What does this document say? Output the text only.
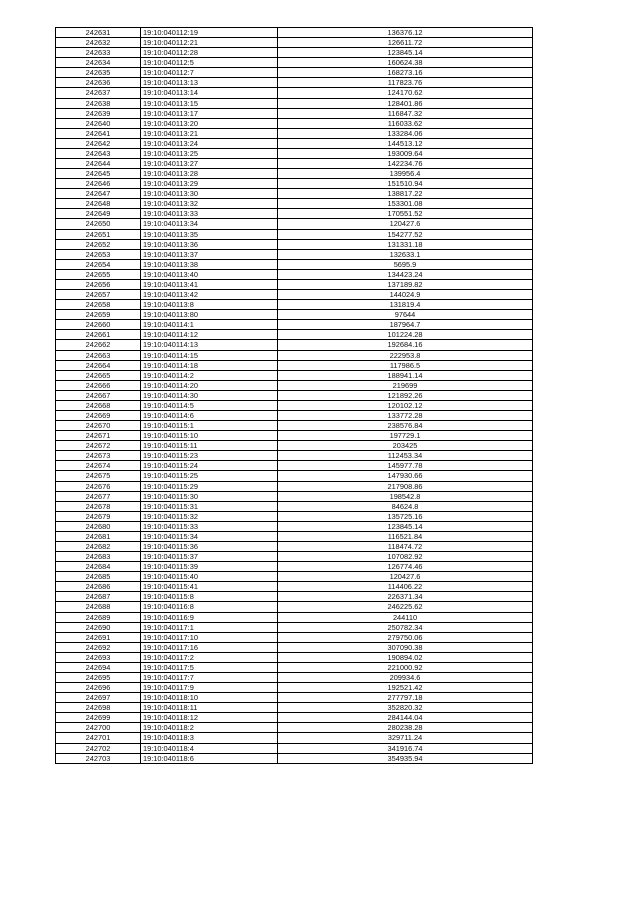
242631	19:10:040112:19	136376.12
242632	19:10:040112:21	126611.72
242633	19:10:040112:28	123845.14
242634	19:10:040112:5	160624.38
242635	19:10:040112:7	168273.16
242636	19:10:040113:13	117823.76
242637	19:10:040113:14	124170.62
242638	19:10:040113:15	128401.86
242639	19:10:040113:17	116847.32
242640	19:10:040113:20	116033.62
242641	19:10:040113:21	133284.06
242642	19:10:040113:24	144513.12
242643	19:10:040113:25	193009.64
242644	19:10:040113:27	142234.76
242645	19:10:040113:28	139956.4
242646	19:10:040113:29	151510.94
242647	19:10:040113:30	138817.22
242648	19:10:040113:32	153301.08
242649	19:10:040113:33	170551.52
242650	19:10:040113:34	120427.6
242651	19:10:040113:35	154277.52
242652	19:10:040113:36	131331.18
242653	19:10:040113:37	132633.1
242654	19:10:040113:38	5695.9
242655	19:10:040113:40	134423.24
242656	19:10:040113:41	137189.82
242657	19:10:040113:42	144024.9
242658	19:10:040113:8	131819.4
242659	19:10:040113:80	97644
242660	19:10:040114:1	187964.7
242661	19:10:040114:12	101224.28
242662	19:10:040114:13	192684.16
242663	19:10:040114:15	222953.8
242664	19:10:040114:18	117986.5
242665	19:10:040114:2	188941.14
242666	19:10:040114:20	219699
242667	19:10:040114:30	121892.26
242668	19:10:040114:5	120102.12
242669	19:10:040114:6	133772.28
242670	19:10:040115:1	238576.84
242671	19:10:040115:10	197729.1
242672	19:10:040115:11	203425
242673	19:10:040115:23	112453.34
242674	19:10:040115:24	145977.78
242675	19:10:040115:25	147930.66
242676	19:10:040115:29	217908.86
242677	19:10:040115:30	198542.8
242678	19:10:040115:31	84624.8
242679	19:10:040115:32	135725.16
242680	19:10:040115:33	123845.14
242681	19:10:040115:34	116521.84
242682	19:10:040115:36	118474.72
242683	19:10:040115:37	107082.92
242684	19:10:040115:39	126774.46
242685	19:10:040115:40	120427.6
242686	19:10:040115:41	114406.22
242687	19:10:040115:8	226371.34
242688	19:10:040116:8	246225.62
242689	19:10:040116:9	244110
242690	19:10:040117:1	250782.34
242691	19:10:040117:10	279750.06
242692	19:10:040117:16	307090.38
242693	19:10:040117:2	190894.02
242694	19:10:040117:5	221000.92
242695	19:10:040117:7	209934.6
242696	19:10:040117:9	192521.42
242697	19:10:040118:10	277797.18
242698	19:10:040118:11	352820.32
242699	19:10:040118:12	284144.04
242700	19:10:040118:2	280238.28
242701	19:10:040118:3	329711.24
242702	19:10:040118:4	341916.74
242703	19:10:040118:6	354935.94
